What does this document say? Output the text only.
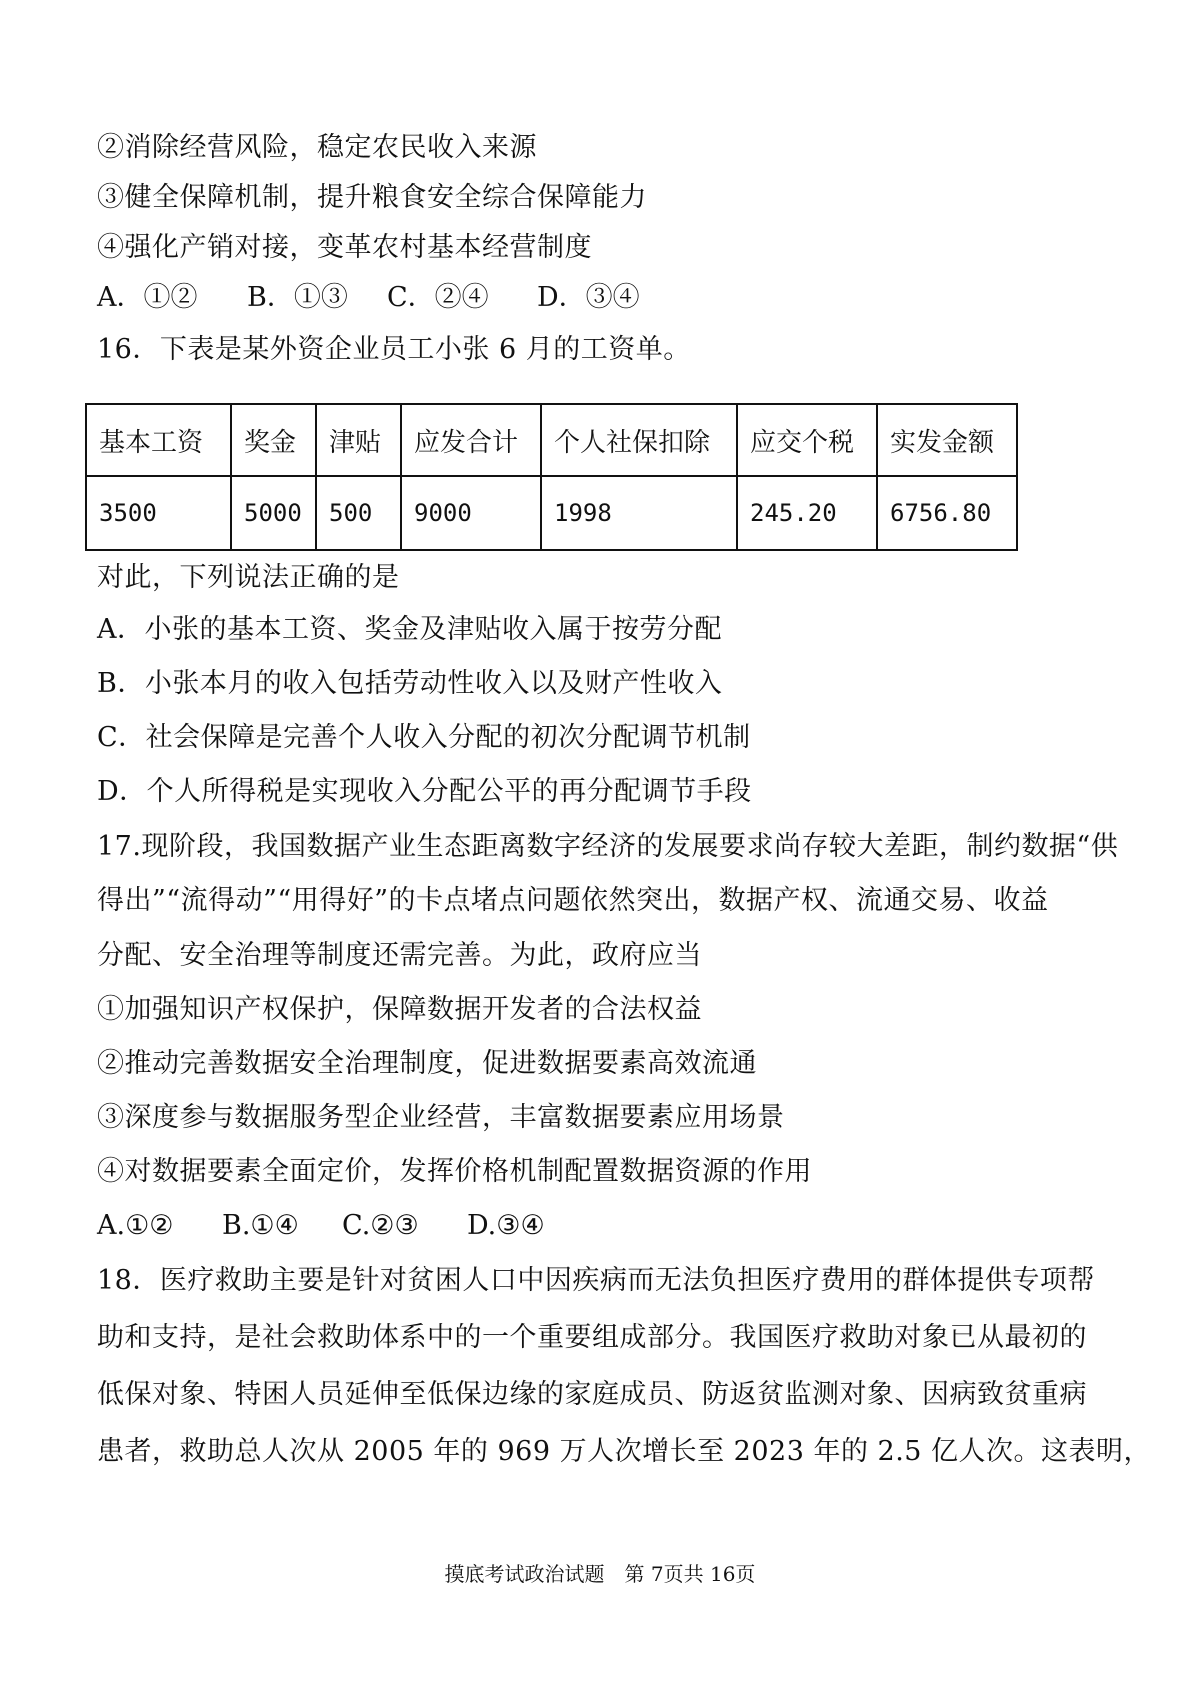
②消除经营风险，稳定农民收入来源
③健全保障机制，提升粮食安全综合保障能力
④强化产销对接，变革农村基本经营制度
A．①② B．①③ C．②④ D．③④
16．下表是某外资企业员工小张 6 月的工资单。
基本工资	奖金	津贴	应发合计	个人社保扣除	应交个税	实发金额
3500	5000	500	9000	1998	245.20	6756.80
对此，下列说法正确的是
A．小张的基本工资、奖金及津贴收入属于按劳分配
B．小张本月的收入包括劳动性收入以及财产性收入
C．社会保障是完善个人收入分配的初次分配调节机制
D．个人所得税是实现收入分配公平的再分配调节手段
17.现阶段，我国数据产业生态距离数字经济的发展要求尚存较大差距，制约数据“供
得出”“流得动”“用得好”的卡点堵点问题依然突出，数据产权、流通交易、收益
分配、安全治理等制度还需完善。为此，政府应当
①加强知识产权保护，保障数据开发者的合法权益
②推动完善数据安全治理制度，促进数据要素高效流通
③深度参与数据服务型企业经营，丰富数据要素应用场景
④对数据要素全面定价，发挥价格机制配置数据资源的作用
A.①② B.①④ C.②③ D.③④
18．医疗救助主要是针对贫困人口中因疾病而无法负担医疗费用的群体提供专项帮
助和支持，是社会救助体系中的一个重要组成部分。我国医疗救助对象已从最初的
低保对象、特困人员延伸至低保边缘的家庭成员、防返贫监测对象、因病致贫重病
患者，救助总人次从 2005 年的 969 万人次增长至 2023 年的 2.5 亿人次。这表明，
摸底考试政治试题　第 7页共 16页
